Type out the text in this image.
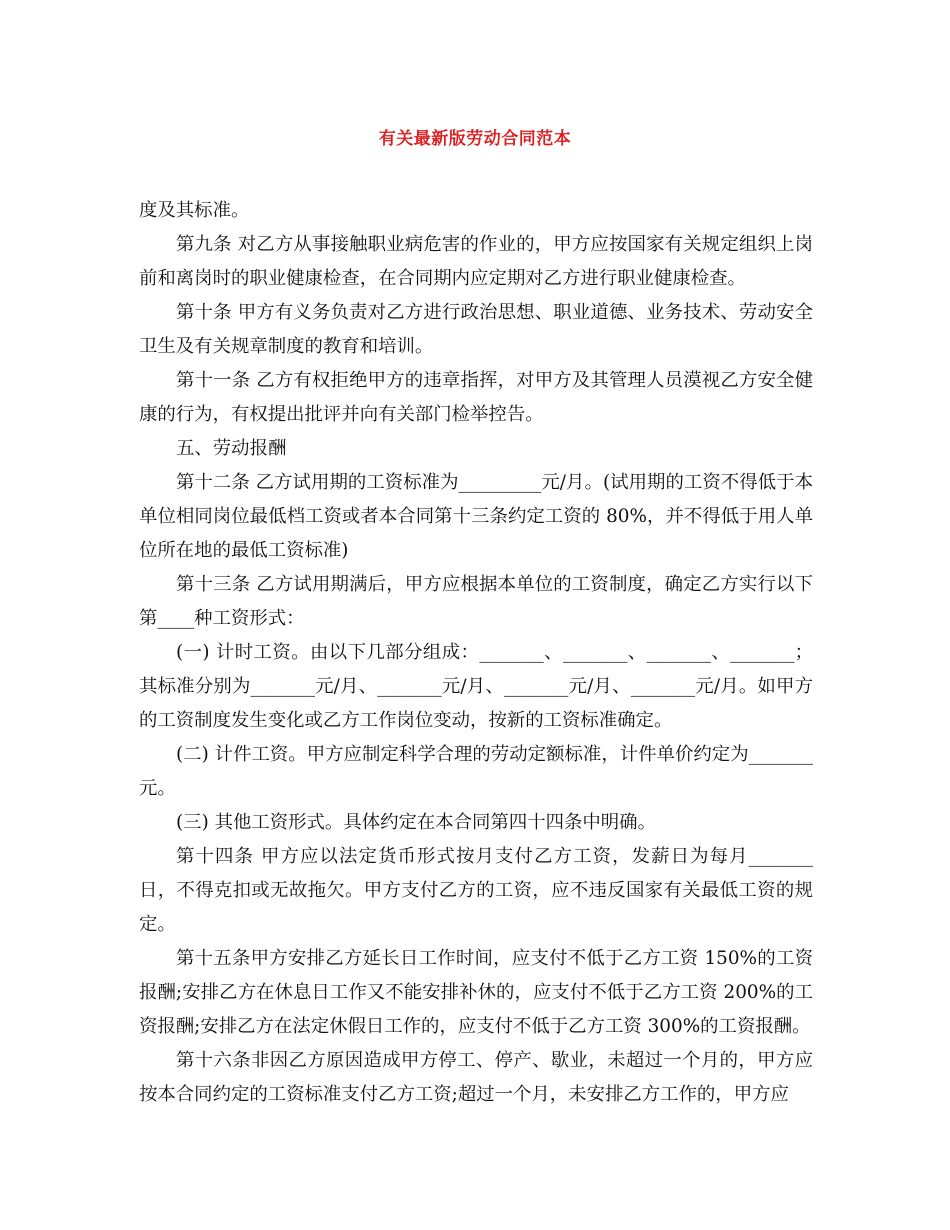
有关最新版劳动合同范本

度及其标准。

第九条 对乙方从事接触职业病危害的作业的，甲方应按国家有关规定组织上岗前和离岗时的职业健康检查，在合同期内应定期对乙方进行职业健康检查。

第十条 甲方有义务负责对乙方进行政治思想、职业道德、业务技术、劳动安全卫生及有关规章制度的教育和培训。

第十一条 乙方有权拒绝甲方的违章指挥，对甲方及其管理人员漠视乙方安全健康的行为，有权提出批评并向有关部门检举控告。

五、劳动报酬

第十二条 乙方试用期的工资标准为_________元/月。(试用期的工资不得低于本单位相同岗位最低档工资或者本合同第十三条约定工资的 80%，并不得低于用人单位所在地的最低工资标准)

第十三条 乙方试用期满后，甲方应根据本单位的工资制度，确定乙方实行以下第____种工资形式：

(一) 计时工资。由以下几部分组成：_______、_______、_______、_______；其标准分别为_______元/月、_______元/月、_______元/月、_______元/月。如甲方的工资制度发生变化或乙方工作岗位变动，按新的工资标准确定。

(二) 计件工资。甲方应制定科学合理的劳动定额标准，计件单价约定为_______元。

(三) 其他工资形式。具体约定在本合同第四十四条中明确。

第十四条 甲方应以法定货币形式按月支付乙方工资，发薪日为每月_______日，不得克扣或无故拖欠。甲方支付乙方的工资，应不违反国家有关最低工资的规定。

第十五条甲方安排乙方延长日工作时间，应支付不低于乙方工资 150%的工资报酬;安排乙方在休息日工作又不能安排补休的，应支付不低于乙方工资 200%的工资报酬;安排乙方在法定休假日工作的，应支付不低于乙方工资 300%的工资报酬。

第十六条非因乙方原因造成甲方停工、停产、歇业，未超过一个月的，甲方应按本合同约定的工资标准支付乙方工资;超过一个月，未安排乙方工作的，甲方应
